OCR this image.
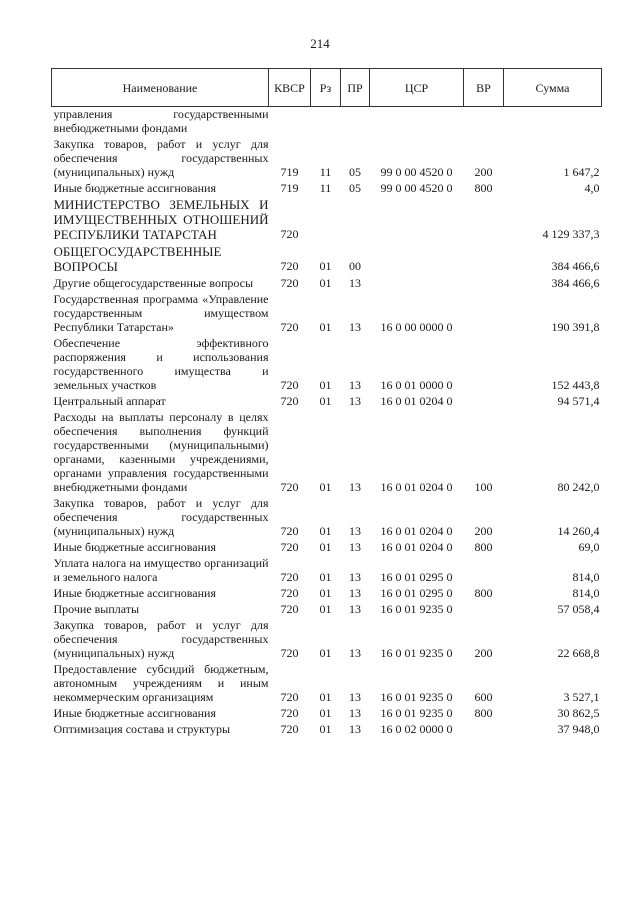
214
Наименование	КВСР	Рз	ПР	ЦСР	ВР	Сумма
управления государственными внебюджетными фондами						
Закупка товаров, работ и услуг для обеспечения государственных (муниципальных) нужд	719	11	05	99 0 00 4520 0	200	1 647,2
Иные бюджетные ассигнования	719	11	05	99 0 00 4520 0	800	4,0
МИНИСТЕРСТВО ЗЕМЕЛЬНЫХ И ИМУЩЕСТВЕННЫХ ОТНОШЕНИЙ РЕСПУБЛИКИ ТАТАРСТАН	720					4 129 337,3
ОБЩЕГОСУДАРСТВЕННЫЕ ВОПРОСЫ	720	01	00			384 466,6
Другие общегосударственные вопросы	720	01	13			384 466,6
Государственная программа «Управление государственным имуществом Республики Татарстан»	720	01	13	16 0 00 0000 0		190 391,8
Обеспечение эффективного распоряжения и использования государственного имущества и земельных участков	720	01	13	16 0 01 0000 0		152 443,8
Центральный аппарат	720	01	13	16 0 01 0204 0		94 571,4
Расходы на выплаты персоналу в целях обеспечения выполнения функций государственными (муниципальными) органами, казенными учреждениями, органами управления государственными внебюджетными фондами	720	01	13	16 0 01 0204 0	100	80 242,0
Закупка товаров, работ и услуг для обеспечения государственных (муниципальных) нужд	720	01	13	16 0 01 0204 0	200	14 260,4
Иные бюджетные ассигнования	720	01	13	16 0 01 0204 0	800	69,0
Уплата налога на имущество организаций и земельного налога	720	01	13	16 0 01 0295 0		814,0
Иные бюджетные ассигнования	720	01	13	16 0 01 0295 0	800	814,0
Прочие выплаты	720	01	13	16 0 01 9235 0		57 058,4
Закупка товаров, работ и услуг для обеспечения государственных (муниципальных) нужд	720	01	13	16 0 01 9235 0	200	22 668,8
Предоставление субсидий бюджетным, автономным учреждениям и иным некоммерческим организациям	720	01	13	16 0 01 9235 0	600	3 527,1
Иные бюджетные ассигнования	720	01	13	16 0 01 9235 0	800	30 862,5
Оптимизация состава и структуры	720	01	13	16 0 02 0000 0		37 948,0
